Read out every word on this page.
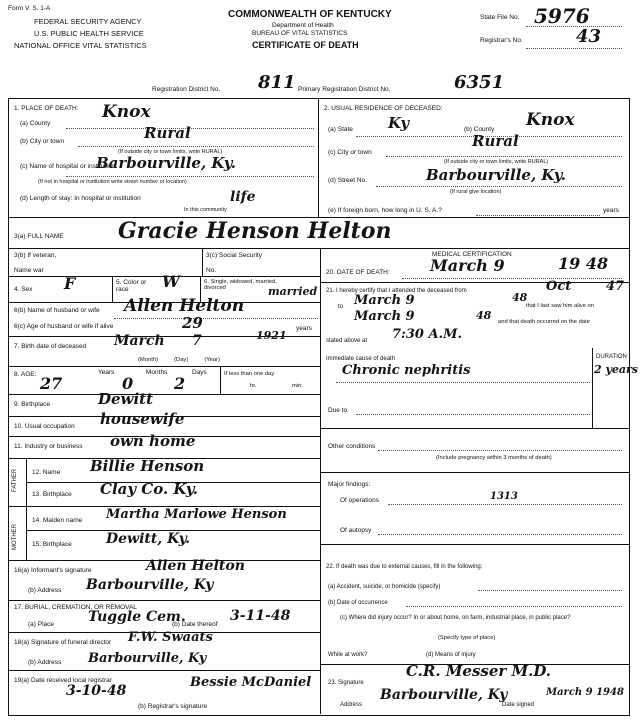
Form V. S. 1-A
FEDERAL SECURITY AGENCY
U.S. PUBLIC HEALTH SERVICE
NATIONAL OFFICE VITAL STATISTICS
COMMONWEALTH OF KENTUCKY
Department of Health
BUREAU OF VITAL STATISTICS
CERTIFICATE OF DEATH
State File No. 5976
Registrar's No.	43
Registration District No. 811 Primary Registration District No.	6351
1. PLACE OF DEATH:
(a) County
Knox
(b) City or town	Rural
(If outside city or town limits, write RURAL)
(c) Name of hospital or institution
Barbourville, Ky.
(If not in hospital or institution write street number or location)
(d) Length of stay: In hospital or institution
In this community
life
2. USUAL RESIDENCE OF DECEASED:
(a) State Ky	(b) County Knox
(c) City or town
Rural
(If outside city or town limits, write RURAL)
(d) Street No.	Barbourville, Ky.
(If rural give location)
(e) If foreign born, how long in U. S. A.?	years
3(a) FULL NAME Gracie Henson Helton
3(b) If veteran,
Name war
3(c) Social Security
No.
4. Sex F	5. Color or race	W	6. Single, widowed, married, divorced	married
6(b) Name of husband or wife Allen Helton
6(c) Age of husband or wife if alive	29	years
7. Birth date of deceased March 7	1921
(Month)          (Day)          (Year)
8. AGE:	Years	Months	Days
27	0	2	If less than one day
hr.	min.
9. Birthplace	Dewitt
10. Usual occupation housewife
11. Industry or business own home
FATHER
MOTHER
12. Name Billie Henson
13. Birthplace Clay Co. Ky.
14. Maiden name Martha Marlowe Henson
15. Birthplace Dewitt, Ky.
16(a) Informant's signature	Allen Helton
(b) Address Barbourville, Ky
17. BURIAL, CREMATION, OR REMOVAL
(a) Place Tuggle Cem.
(b) Date thereof
3-11-48
18(a) Signature of funeral director F.W. Swaats
(b) Address Barbourville, Ky
19(a) Date received local registrar
3-10-48
(b) Registrar's signature
Bessie McDaniel
MEDICAL CERTIFICATION
20. DATE OF DEATH:	March 9	19 48
21. I hereby certify that I attended the deceased from	Oct	47
to March 9	48
that I last saw him alive on
March 9	48 and that death occurred on the date
stated above at 7:30 A.M.
Immediate cause of death	DURATION
Chronic nephritis	2 years
Due to
Other conditions
(Include pregnancy within 3 months of death)
Major findings:
Of operations	1313
Of autopsy
22. If death was due to external causes, fill in the following:
(a) Accident, suicide, or homicide (specify)
(b) Date of occurrence
(c) Where did injury occur? In or about home, on farm, industrial place, in public place?
(Specify type of place)
While at work?	(d) Means of injury
23. Signature
C.R. Messer M.D.
Address
Barbourville, Ky
Date signed
March 9 1948
